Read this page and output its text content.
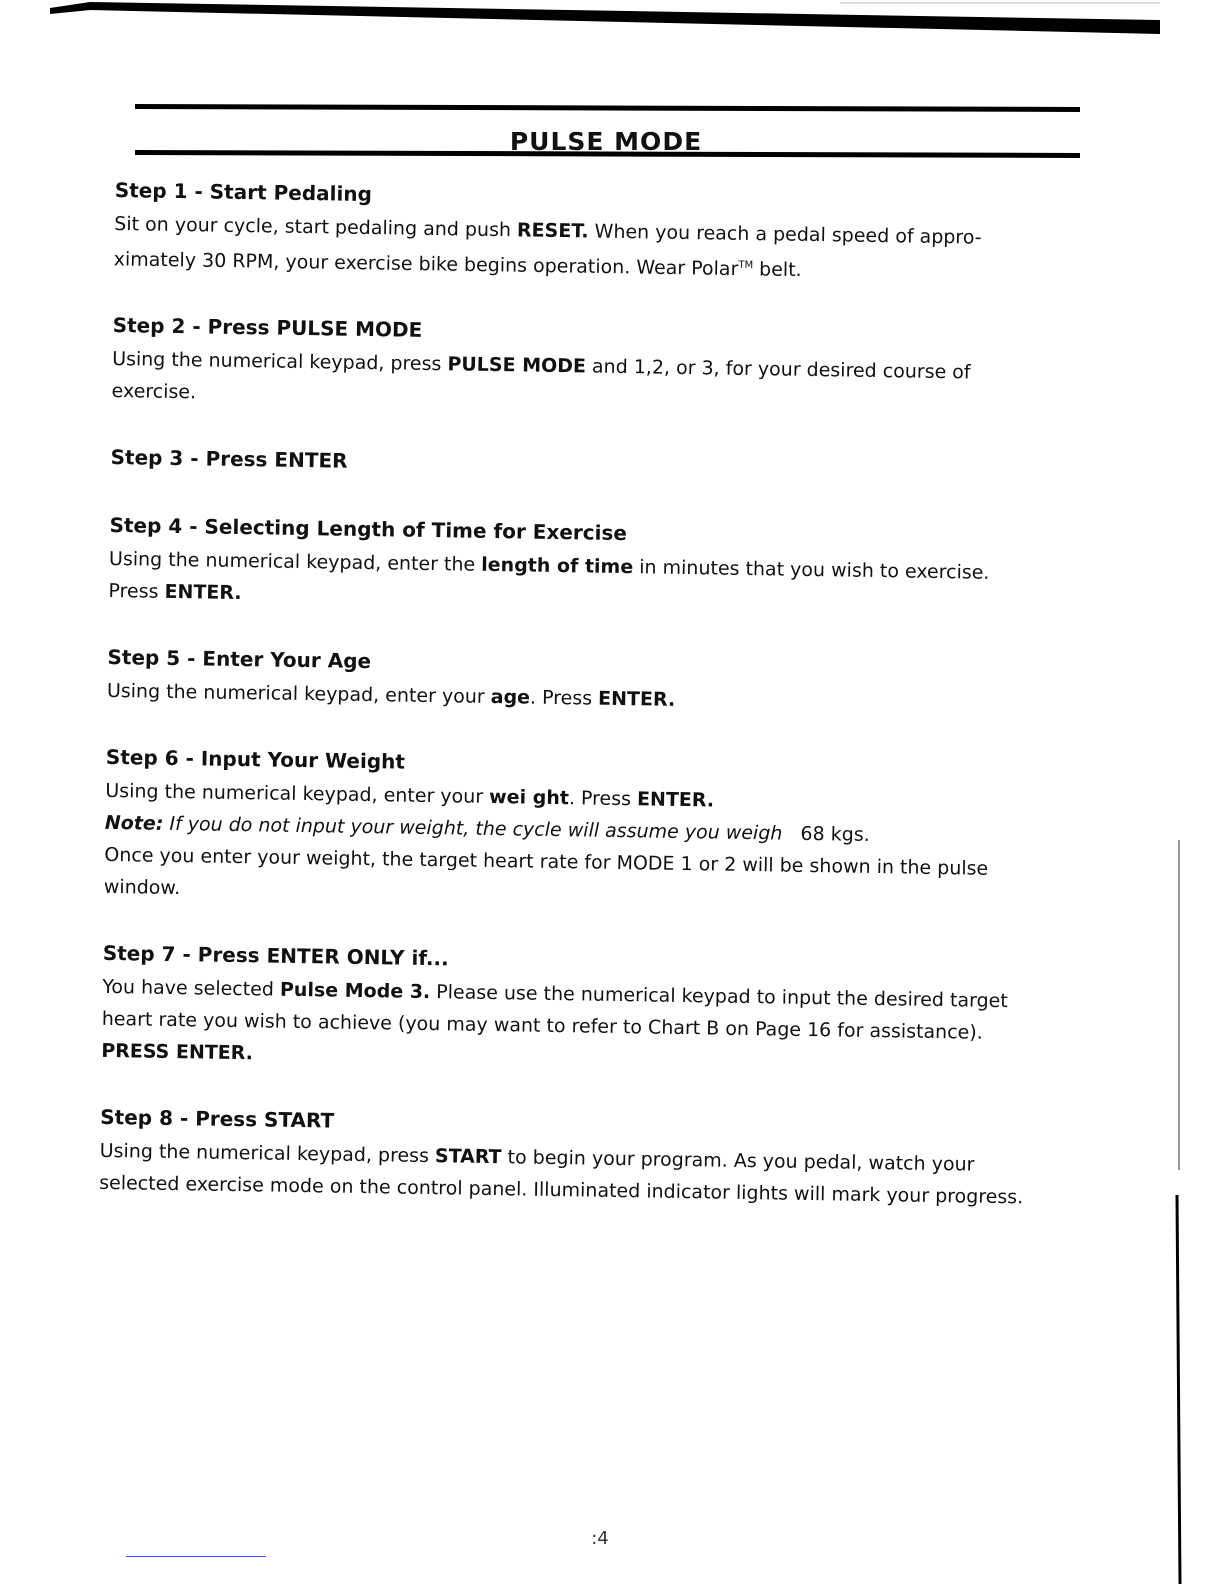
PULSE MODE
Step 1 - Start Pedaling

Sit on your cycle, start pedaling and push RESET. When you reach a pedal speed of appro-ximately 30 RPM, your exercise bike begins operation. Wear Polar™ belt.

Step 2 - Press PULSE MODE

Using the numerical keypad, press PULSE MODE and 1,2, or 3, for your desired course of exercise.

Step 3 - Press ENTER
Step 4 - Selecting Length of Time for Exercise

Using the numerical keypad, enter the length of time in minutes that you wish to exercise. Press ENTER.

Step 5 - Enter Your Age

Using the numerical keypad, enter your age. Press ENTER.

Step 6 - Input Your Weight

Using the numerical keypad, enter your wei ght. Press ENTER.

Note: If you do not input your weight, the cycle will assume you weigh 68 kgs.

Once you enter your weight, the target heart rate for MODE 1 or 2 will be shown in the pulse window.

Step 7 - Press ENTER ONLY if...

You have selected Pulse Mode 3. Please use the numerical keypad to input the desired target heart rate you wish to achieve (you may want to refer to Chart B on Page 16 for assistance). PRESS ENTER.

Step 8 - Press START

Using the numerical keypad, press START to begin your program. As you pedal, watch your selected exercise mode on the control panel. Illuminated indicator lights will mark your progress.

:4
